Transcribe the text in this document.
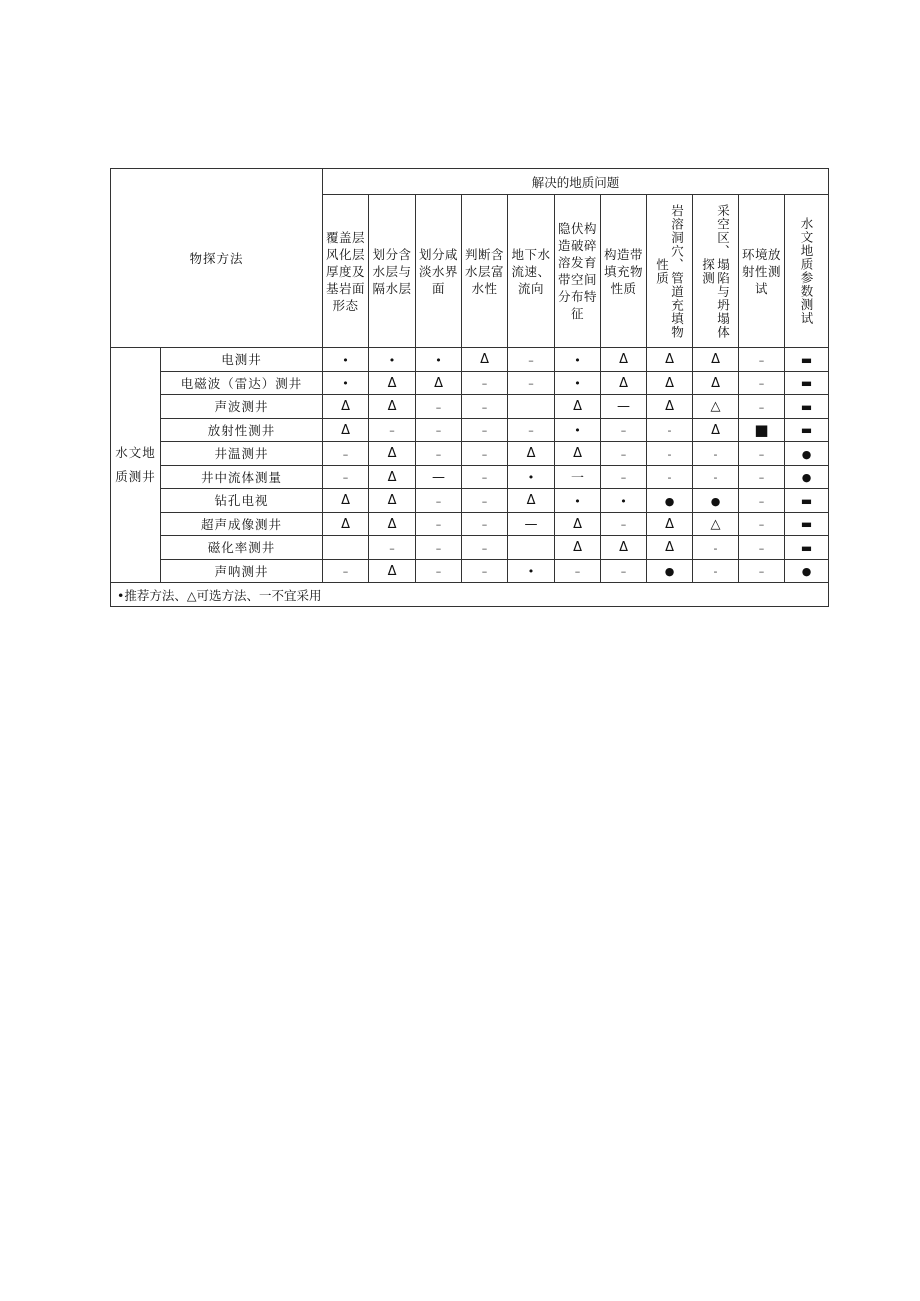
物探方法		解决的地质问题										

		覆盖层风化层厚度及基岩面形态	划分含水层与隔水层	划分咸淡水界面	判断含水层富水性	地下水流速、流向	隐伏构造破碎溶发育带空间分布特征	构造带填充物性质	岩溶洞穴、管道充填物性质	采空区、塌陷与坍塌体探测	环境放射性测试	水文地质参数测试

水文地质测井	电测井	•	•	•	Δ	–	•	Δ	Δ	Δ	–	▬
	电磁波（雷达）测井	•	Δ	Δ	–	–	•	Δ	Δ	Δ	–	▬
	声波测井	Δ	Δ	–	–		Δ	—	Δ	△	–	▬
	放射性测井	Δ	–	–	–	–	•	–	-	Δ	■	▬
	井温测井	–	Δ	–	–	Δ	Δ	–	-	-	–	●
	井中流体测量	–	Δ	—	–	•	一	–	-	-	–	●
	钻孔电视	Δ	Δ	–	–	Δ	•	•	●	●	–	▬
	超声成像测井	Δ	Δ	–	–	—	Δ	–	Δ	△	–	▬
	磁化率测井		–	–	–		Δ	Δ	Δ	-	–	▬
	声呐测井	–	Δ	–	–	•	–	–	●	-	–	●
•推荐方法、△可选方法、一不宜采用												
